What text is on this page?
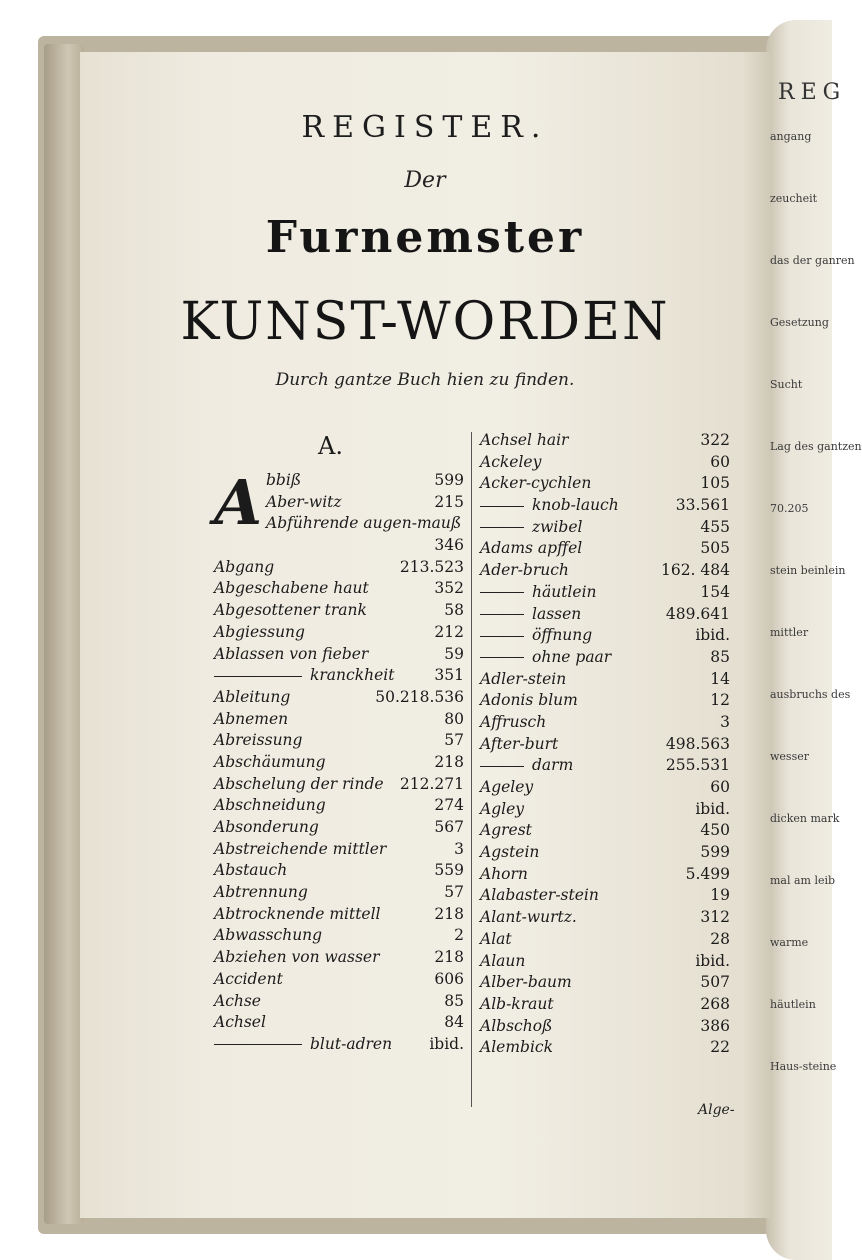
REG
angang
zeucheit
das der ganren
Gesetzung
Sucht
Lag des gantzen
70.205
stein beinlein
mittler
ausbruchs des
wesser
dicken mark
mal am leib
warme
häutlein
Haus-steine
REGISTER.
Der
Furnemster
KUNST-WORDEN
Durch gantze Buch hien zu finden.
A.
bbiß	599
A Aber-witz	215
Abführende augen-mauß
346
Abgang	213.523
Abgeschabene haut	352
Abgesottener trank	58
Abgiessung	212
Ablassen von fieber	59
kranckheit	351
Ableitung	50.218.536
Abnemen	80
Abreissung	57
Abschäumung	218
Abschelung der rinde 212.271
Abschneidung	274
Absonderung	567
Abstreichende mittler	3
Abstauch	559
Abtrennung	57
Abtrocknende mittell	218
Abwasschung	2
Abziehen von wasser	218
Accident	606
Achse	85
Achsel	84
blut-adren ibid.
Achsel hair	322
Ackeley	60
Acker-cychlen	105
knob-lauch	33.561
zwibel	455
Adams apffel	505
Ader-bruch	162. 484
häutlein	154
lassen	489.641
öffnung	ibid.
ohne paar	85
Adler-stein	14
Adonis blum	12
Affrusch	3
After-burt	498.563
darm	255.531
Ageley	60
Agley	ibid.
Agrest	450
Agstein	599
Ahorn	5.499
Alabaster-stein	19
Alant-wurtz.	312
Alat	28
Alaun	ibid.
Alber-baum	507
Alb-kraut	268
Albschoß	386
Alembick	22
Alge-
